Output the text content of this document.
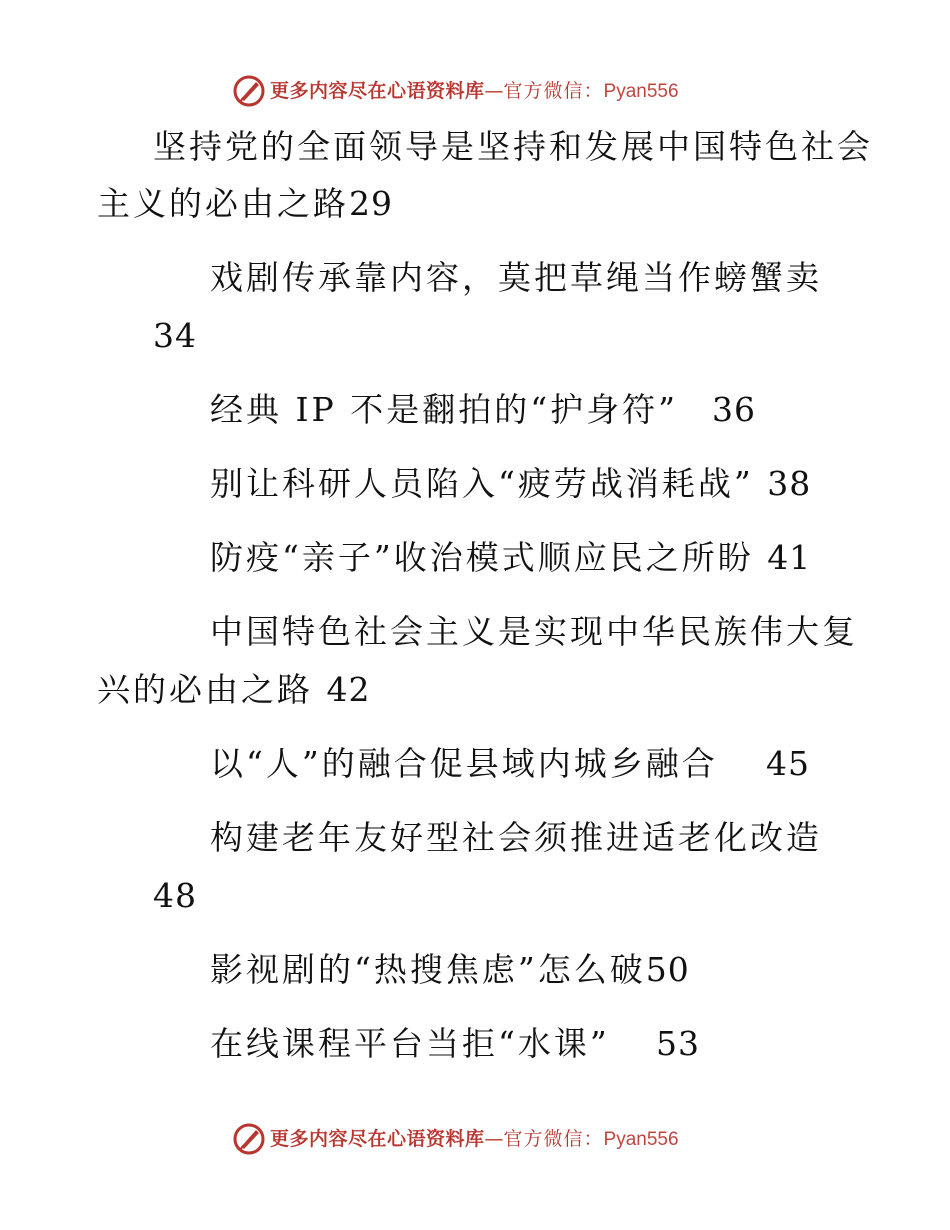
更多内容尽在心语资料库—官方微信：Pyan556
坚持党的全面领导是坚持和发展中国特色社会
主义的必由之路29
戏剧传承靠内容，莫把草绳当作螃蟹卖
34
经典 IP 不是翻拍的“护身符” 36
别让科研人员陷入“疲劳战消耗战” 38
防疫“亲子”收治模式顺应民之所盼 41
中国特色社会主义是实现中华民族伟大复
兴的必由之路 42
以“人”的融合促县域内城乡融合 45
构建老年友好型社会须推进适老化改造
48
影视剧的“热搜焦虑”怎么破50
在线课程平台当拒“水课” 53
更多内容尽在心语资料库—官方微信：Pyan556
